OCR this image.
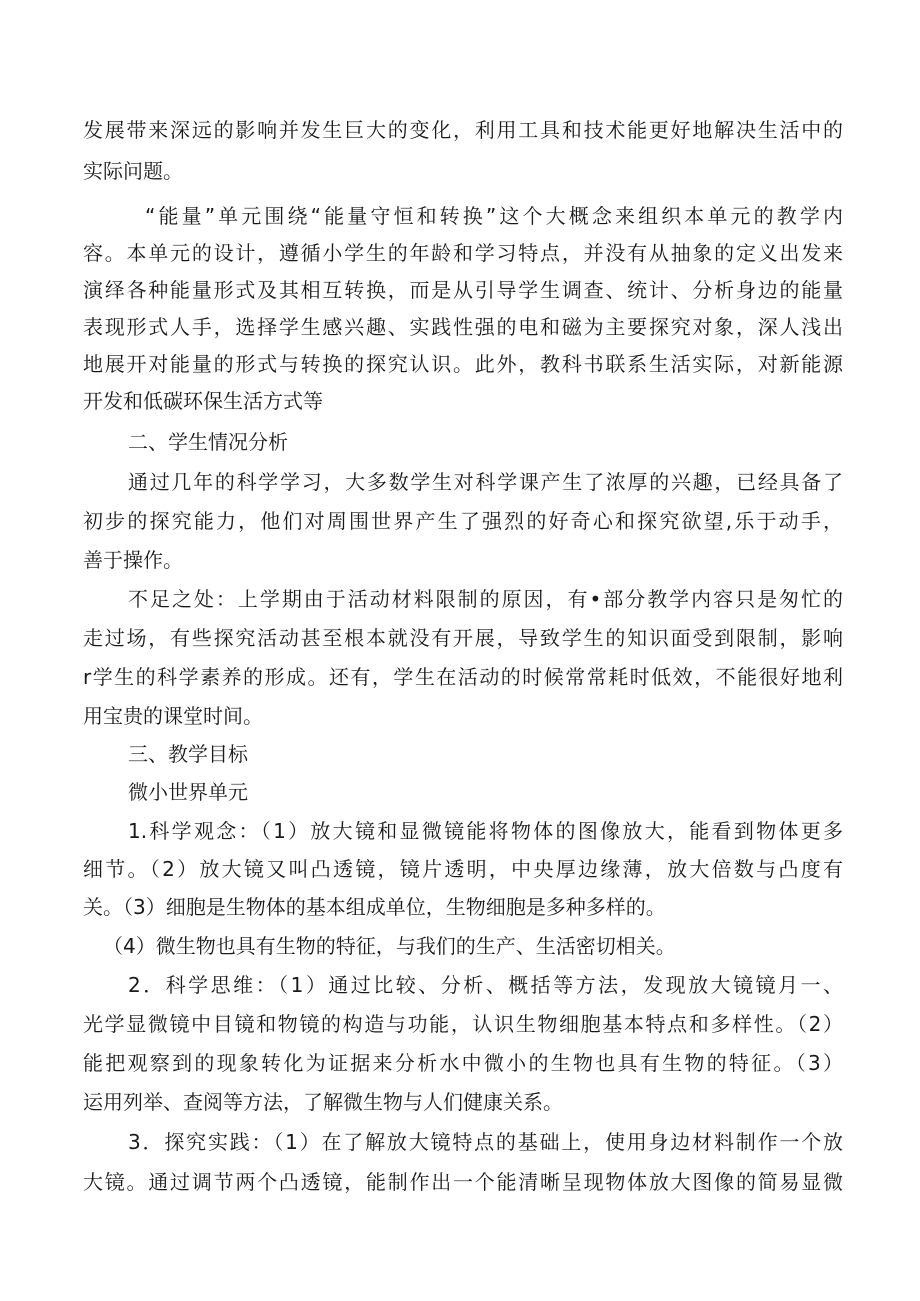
发展带来深远的影响并发生巨大的变化，利用工具和技术能更好地解决生活中的
实际问题。
“能量”单元围绕“能量守恒和转换”这个大概念来组织本单元的教学内
容。本单元的设计，遵循小学生的年龄和学习特点，并没有从抽象的定义出发来
演绎各种能量形式及其相互转换，而是从引导学生调查、统计、分析身边的能量
表现形式人手，选择学生感兴趣、实践性强的电和磁为主要探究对象，深人浅出
地展开对能量的形式与转换的探究认识。此外，教科书联系生活实际，对新能源
开发和低碳环保生活方式等
二、学生情况分析
通过几年的科学学习，大多数学生对科学课产生了浓厚的兴趣，已经具备了
初步的探究能力，他们对周围世界产生了强烈的好奇心和探究欲望,乐于动手，
善于操作。
不足之处：上学期由于活动材料限制的原因，有•部分教学内容只是匆忙的
走过场，有些探究活动甚至根本就没有开展，导致学生的知识面受到限制，影响
r学生的科学素养的形成。还有，学生在活动的时候常常耗时低效，不能很好地利
用宝贵的课堂时间。
三、教学目标
微小世界单元
1.科学观念：（1）放大镜和显微镜能将物体的图像放大，能看到物体更多
细节。（2）放大镜又叫凸透镜，镜片透明，中央厚边缘薄，放大倍数与凸度有
关。（3）细胞是生物体的基本组成单位，生物细胞是多种多样的。
（4）微生物也具有生物的特征，与我们的生产、生活密切相关。
2．科学思维：（1）通过比较、分析、概括等方法，发现放大镜镜月一、
光学显微镜中目镜和物镜的构造与功能，认识生物细胞基本特点和多样性。（2）
能把观察到的现象转化为证据来分析水中微小的生物也具有生物的特征。（3）
运用列举、查阅等方法，了解微生物与人们健康关系。
3．探究实践：（1）在了解放大镜特点的基础上，使用身边材料制作一个放
大镜。通过调节两个凸透镜，能制作出一个能清晰呈现物体放大图像的简易显微
